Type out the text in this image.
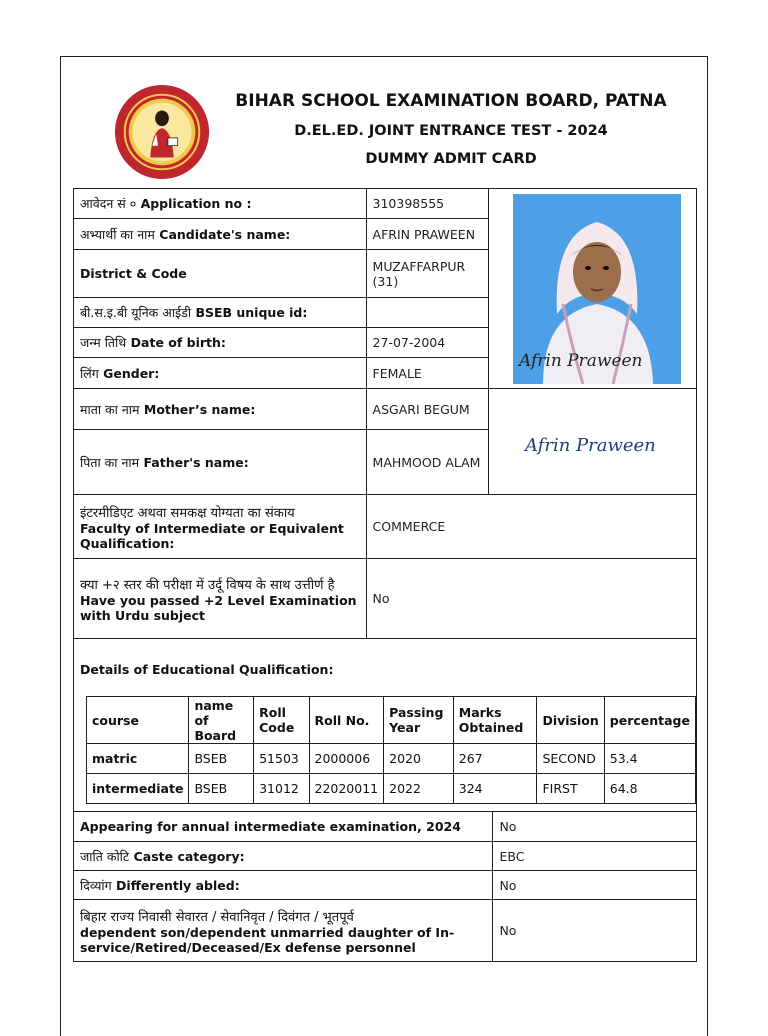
BIHAR SCHOOL EXAMINATION BOARD, PATNA
D.EL.ED. JOINT ENTRANCE TEST - 2024
DUMMY ADMIT CARD
आवेदन सं ० Application no :	310398555	
अभ्यार्थी का नाम Candidate's name:	AFRIN PRAWEEN	
District & Code	MUZAFFARPUR (31)	
बी.स.इ.बी यूनिक आईडी BSEB unique id:		
जन्म तिथि Date of birth:	27-07-2004	
लिंग Gender:	FEMALE	
माता का नाम Mother’s name:	ASGARI BEGUM	
पिता का नाम Father's name:	MAHMOOD ALAM	

इंटरमीडिएट अथवा समकक्ष योग्यता का संकाय
Faculty of Intermediate or Equivalent Qualification:	COMMERCE	

क्या +२ स्तर की परीक्षा में उर्दू विषय के साथ उत्तीर्ण है
Have you passed +2 Level Examination with Urdu subject	No	
Afrin Praween
Afrin Praween
Details of Educational Qualification:
course	name of Board	Roll Code	Roll No.	Passing Year	Marks Obtained	Division	percentage
matric	BSEB	51503	2000006	2020	267	SECOND	53.4
intermediate	BSEB	31012	22020011	2022	324	FIRST	64.8
Appearing for annual intermediate examination, 2024	No
जाति कोटि Caste category:	EBC
दिव्यांग Differently abled:	No

बिहार राज्य निवासी सेवारत / सेवानिवृत / दिवंगत / भूतपूर्व
dependent son/dependent unmarried daughter of In-service/Retired/Deceased/Ex defense personnel	No
